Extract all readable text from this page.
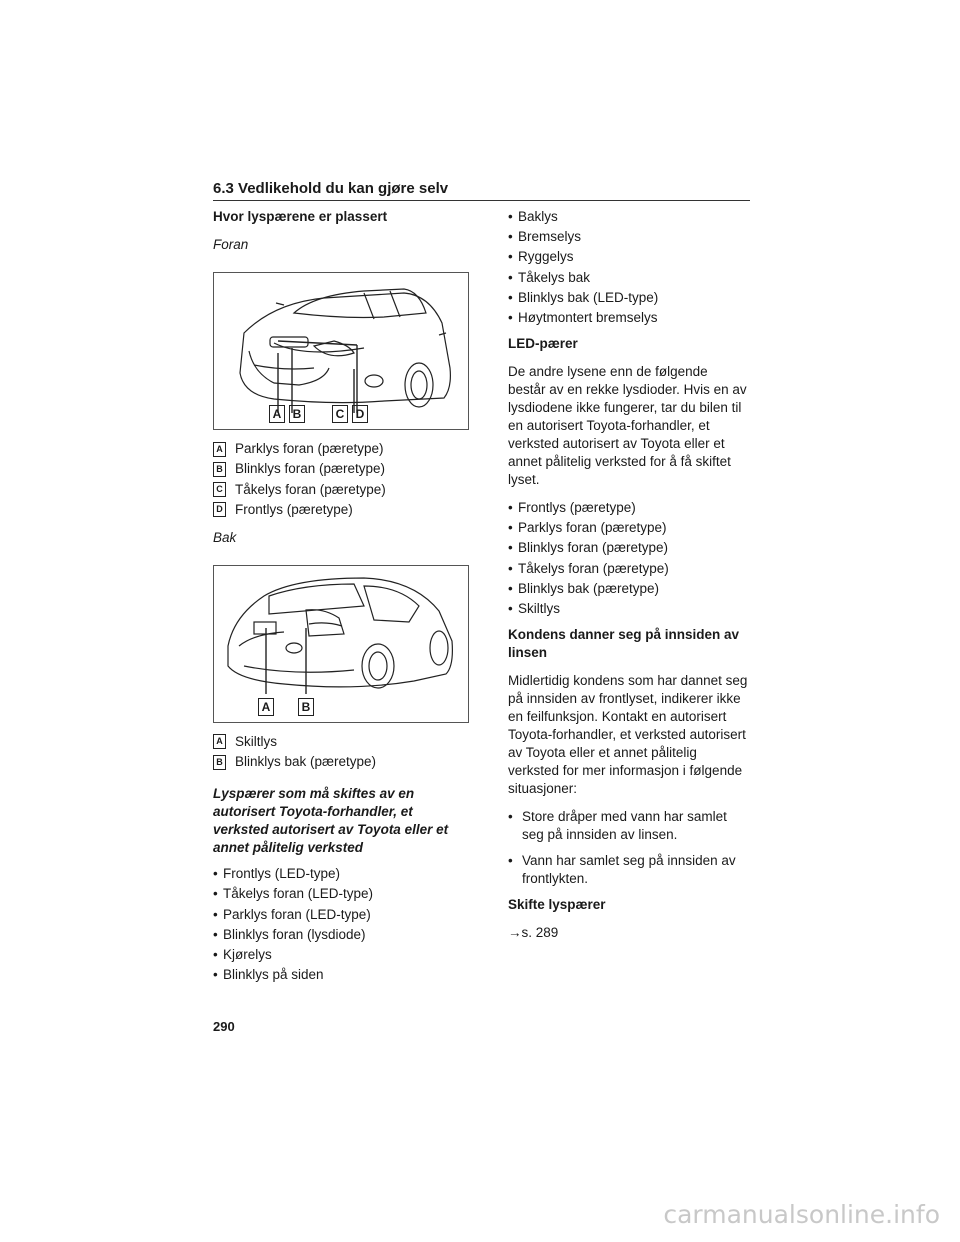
6.3 Vedlikehold du kan gjøre selv

Hvor lyspærene er plassert

Foran

A B	C D
A Parklys foran (pæretype)
B Blinklys foran (pæretype)
C Tåkelys foran (pæretype)
D Frontlys (pæretype)

Bak

A	B
A Skiltlys
B Blinklys bak (pæretype)

Lyspærer som må skiftes av en autorisert Toyota-forhandler, et verksted autorisert av Toyota eller et annet pålitelig verksted

• Frontlys (LED-type)
• Tåkelys foran (LED-type)
• Parklys foran (LED-type)
• Blinklys foran (lysdiode)
• Kjørelys
• Blinklys på siden
• Baklys
• Bremselys
• Ryggelys
• Tåkelys bak
• Blinklys bak (LED-type)
• Høytmontert bremselys

LED-pærer

De andre lysene enn de følgende består av en rekke lysdioder. Hvis en av lysdiodene ikke fungerer, tar du bilen til en autorisert Toyota-forhandler, et verksted autorisert av Toyota eller et annet pålitelig verksted for å få skiftet lyset.

• Frontlys (pæretype)
• Parklys foran (pæretype)
• Blinklys foran (pæretype)
• Tåkelys foran (pæretype)
• Blinklys bak (pæretype)
• Skiltlys

Kondens danner seg på innsiden av linsen

Midlertidig kondens som har dannet seg på innsiden av frontlyset, indikerer ikke en feilfunksjon. Kontakt en autorisert Toyota-forhandler, et verksted autorisert av Toyota eller et annet pålitelig verksted for mer informasjon i følgende situasjoner:

• Store dråper med vann har samlet seg på innsiden av linsen.
• Vann har samlet seg på innsiden av frontlykten.

Skifte lyspærer

→s. 289

290
carmanualsonline.info
